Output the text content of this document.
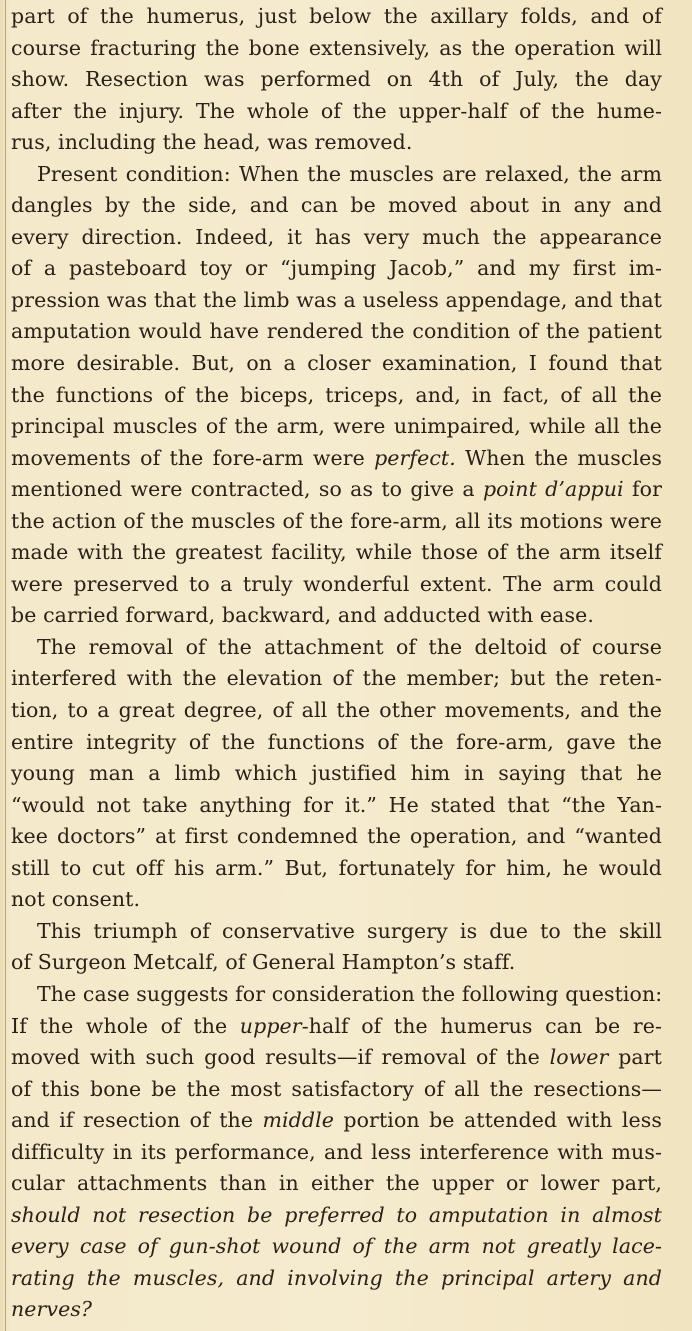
part of the humerus, just below the axillary folds, and of
course fracturing the bone extensively, as the operation will
show. Resection was performed on 4th of July, the day
after the injury. The whole of the upper-half of the hume-
rus, including the head, was removed.
Present condition: When the muscles are relaxed, the arm
dangles by the side, and can be moved about in any and
every direction. Indeed, it has very much the appearance
of a pasteboard toy or “jumping Jacob,” and my first im-
pression was that the limb was a useless appendage, and that
amputation would have rendered the condition of the patient
more desirable. But, on a closer examination, I found that
the functions of the biceps, triceps, and, in fact, of all the
principal muscles of the arm, were unimpaired, while all the
movements of the fore-arm were perfect. When the muscles
mentioned were contracted, so as to give a point d’appui for
the action of the muscles of the fore-arm, all its motions were
made with the greatest facility, while those of the arm itself
were preserved to a truly wonderful extent. The arm could
be carried forward, backward, and adducted with ease.
The removal of the attachment of the deltoid of course
interfered with the elevation of the member; but the reten-
tion, to a great degree, of all the other movements, and the
entire integrity of the functions of the fore-arm, gave the
young man a limb which justified him in saying that he
“would not take anything for it.” He stated that “the Yan-
kee doctors” at first condemned the operation, and “wanted
still to cut off his arm.” But, fortunately for him, he would
not consent.
This triumph of conservative surgery is due to the skill
of Surgeon Metcalf, of General Hampton’s staff.
The case suggests for consideration the following question:
If the whole of the upper-half of the humerus can be re-
moved with such good results—if removal of the lower part
of this bone be the most satisfactory of all the resections—
and if resection of the middle portion be attended with less
difficulty in its performance, and less interference with mus-
cular attachments than in either the upper or lower part,
should not resection be preferred to amputation in almost
every case of gun-shot wound of the arm not greatly lace-
rating the muscles, and involving the principal artery and
nerves?
